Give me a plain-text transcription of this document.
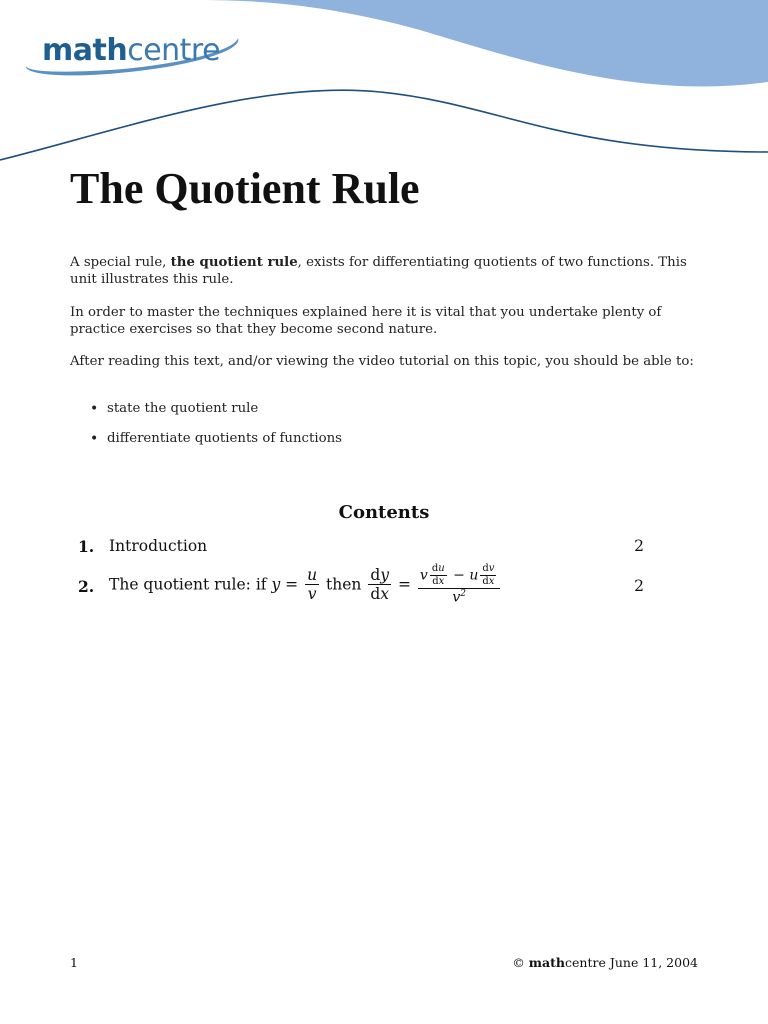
mathcentre
The Quotient Rule

A special rule, the quotient rule, exists for differentiating quotients of two functions. This unit illustrates this rule.

In order to master the techniques explained here it is vital that you undertake plenty of practice exercises so that they become second nature.

After reading this text, and/or viewing the video tutorial on this topic, you should be able to:

• state the quotient rule
• differentiate quotients of functions
Contents
1. Introduction	2
2. The quotient rule: if $y = \frac{u}{v}$ then $\frac{dy}{dx} = \frac{v \frac{du}{dx} - u \frac{dv}{dx}}{v^2}$	2
1	© mathcentre June 11, 2004
